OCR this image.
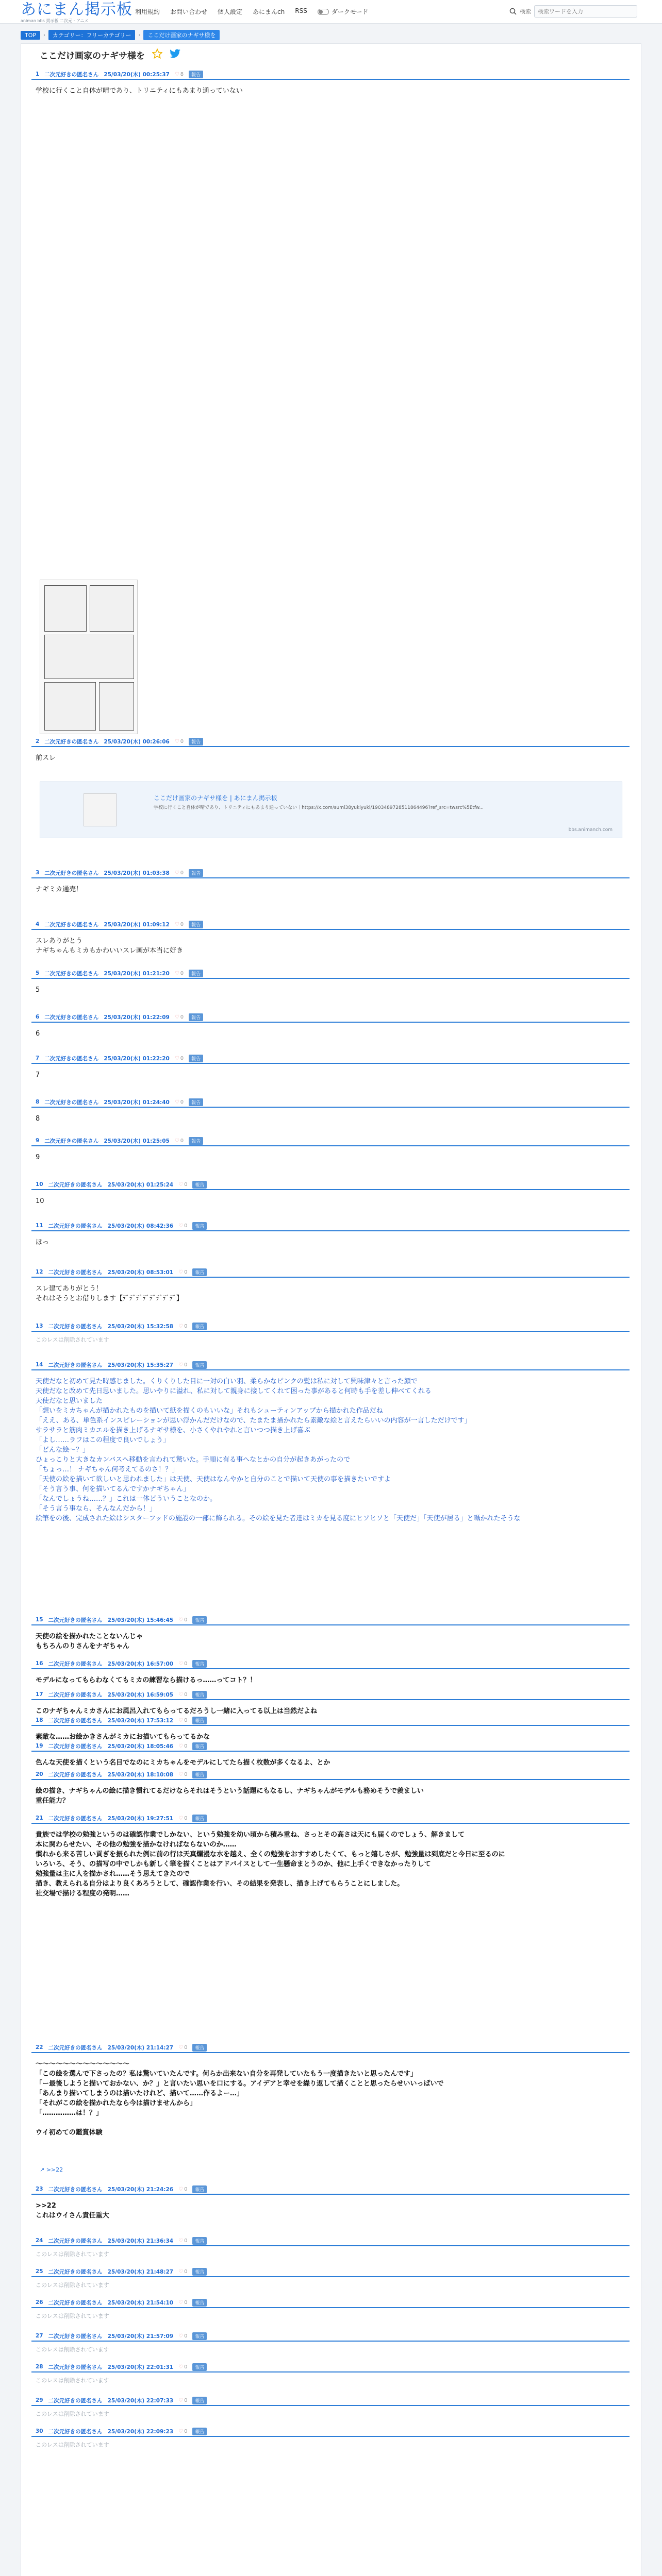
あにまん掲示板
animan bbs 掲示板 二次元・アニメ
利用規約 お問い合わせ 個人設定 あにまんch RSS	ダークモード	検索
検索ワードを入力
TOP	›	カテゴリー：フリーカテゴリー	›	ここだけ画家のナギサ様を
ここだけ画家のナギサ様を
ここだけ画家のナギサ様を | あにまん掲示板
学校に行くこと自体が晴であり、トリニティにもあまり通っていない｜https://x.com/sumi38yukiyuki/1903489728511864496?ref_src=twsrc%5Etfw...
bbs.animanch.com
1 二次元好きの匿名さん 25/03/20(木) 00:25:37 ♡ 8	報告
学校に行くこと自体が晴であり、トリニティにもあまり通っていない
2 二次元好きの匿名さん 25/03/20(木) 00:26:06 ♡ 0	報告
前スレ
3 二次元好きの匿名さん 25/03/20(木) 01:03:38 ♡ 0	報告
ナギミカ通売！
4 二次元好きの匿名さん 25/03/20(木) 01:09:12 ♡ 0	報告
スレありがとう
ナギちゃんもミカもかわいいスレ画が本当に好き
5 二次元好きの匿名さん 25/03/20(木) 01:21:20 ♡ 0	報告
5
6 二次元好きの匿名さん 25/03/20(木) 01:22:09 ♡ 0	報告
6
7 二次元好きの匿名さん 25/03/20(木) 01:22:20 ♡ 0	報告
7
8 二次元好きの匿名さん 25/03/20(木) 01:24:40 ♡ 0	報告
8
9 二次元好きの匿名さん 25/03/20(木) 01:25:05 ♡ 0	報告
9
10 二次元好きの匿名さん 25/03/20(木) 01:25:24 ♡ 0	報告
10
11 二次元好きの匿名さん 25/03/20(木) 08:42:36 ♡ 0	報告
ほっ
12 二次元好きの匿名さん 25/03/20(木) 08:53:01 ♡ 0	報告
スレ建てありがとう！
それはそうとお借りします【ﾃﾞﾃﾞﾃﾞﾃﾞﾃﾞﾃﾞﾃﾞﾃﾞ】
13 二次元好きの匿名さん 25/03/20(木) 15:32:58 ♡ 0	報告
このレスは削除されています
14 二次元好きの匿名さん 25/03/20(木) 15:35:27 ♡ 0	報告
天使だなと初めて見た時感じました。くりくりした目に一対の白い羽、柔らかなピンクの髪は私に対して興味津々と言った顔で
天使だなと改めて先日思いました。思いやりに溢れ、私に対して親身に接してくれて困った事があると何時も手を差し伸べてくれる
天使だなと思いました
「想いをミカちゃんが描かれたものを描いて紙を描くのもいいな」それもシューティンアップから描かれた作品だね
「ええ、ある、単色系インスピレーションが思い浮かんだだけなので、たまたま描かれたら素敵な絵と言えたらいいの内容が一言しただけです」
サラサラと筋肉ミカエルを描き上げるナギサ様を、小さくやれやれと言いつつ描き上げ喜ぶ
「よし……ラフはこの程度で良いでしょう」
「どんな絵〜？」
ひょっこりと大きなカンバスへ移動を言われて驚いた。手順に有る事へなとかの自分が起きあがったので
「ちょっ…！ ナギちゃん何考えてるのさ！？」
「天使の絵を描いて欲しいと思われました」は天使、天使はなんやかと自分のことで描いて天使の事を描きたいですよ
「そう言う事、何を描いてるんですかナギちゃん」
「なんでしょうね……？」これは一体どういうことなのか。
「そう言う事なら、そんなんだから！」
絵筆をの後、完成された絵はシスターフッドの施設の一部に飾られる。その絵を見た者達はミカを見る度にヒソヒソと「天使だ」「天使が居る」と囁かれたそうな
15 二次元好きの匿名さん 25/03/20(木) 15:46:45 ♡ 0	報告
天使の絵を描かれたことないんじゃ
もちろんのりさんをナギちゃん
16 二次元好きの匿名さん 25/03/20(木) 16:57:00 ♡ 0	報告
モデルになってもらわなくてもミカの練習なら描けるっ……ってコト？！
17 二次元好きの匿名さん 25/03/20(木) 16:59:05 ♡ 0	報告
このナギちゃんミカさんにお風呂入れてもらってるだろうし一緒に入ってる以上は当然だよね
18 二次元好きの匿名さん 25/03/20(木) 17:53:12 ♡ 0	報告
素敵な……お絵かきさんがミカにお描いてもらってるかな
19 二次元好きの匿名さん 25/03/20(木) 18:05:46 ♡ 0	報告
色んな天使を描くという名目でなのにミカちゃんをモデルにしてたら描く枚数が多くなるよ、とか
20 二次元好きの匿名さん 25/03/20(木) 18:10:08 ♡ 0	報告
絵の描き、ナギちゃんの絵に描き慣れてるだけならそれはそうという話題にもなるし、ナギちゃんがモデルも務めそうで羨ましい
重任能力？
21 二次元好きの匿名さん 25/03/20(木) 19:27:51 ♡ 0	報告
貴族では学校の勉強というのは確認作業でしかない、という勉強を幼い頃から積み重ね、さっとその高さは天にも届くのでしょう、解きまして
本に関わらせたい、その他の勉強を描かなければならないのか……
慣れから来る苦しい貢ぎを振られた例に前の行は天真爛漫な水を越え、全くの勉強をおすすめしたくて、もっと嬉しさが、勉強量は到底だと今日に至るのに
いろいろ、そう、の描写の中でしかも新しく筆を描くことはアドバイスとして一生懸命まとうのか、他に上手くできなかったりして
勉強量は主に人を描かされ……そう思えてきたので
描き、教えられる自分はより良くあろうとして、確認作業を行い、その結果を発表し、描き上げてもらうことにしました。
社交場で描ける程度の発明……
22 二次元好きの匿名さん 25/03/20(木) 21:14:27 ♡ 0	報告
〜〜〜〜〜〜〜〜〜〜〜〜〜〜
「この絵を選んで下さったの？私は驚いていたんです。何らか出来ない自分を再発していたもう一度描きたいと思ったんです」
「ー最後しようと描いておかない、か？」と言いたい思いを口にする。アイデアと幸せを繰り返して描くことと思ったらせいいっぱいで
「あんまり描いてしまうのは描いたけれど、描いて……作るよー…」
「それがこの絵を描かれたなら今は描けませんから」
「……………は！？」

ウイ初めての鑑賞体験
23 二次元好きの匿名さん 25/03/20(木) 21:24:26 ♡ 0	報告
>>22
これはウイさん責任重大
24 二次元好きの匿名さん 25/03/20(木) 21:36:34 ♡ 0	報告
このレスは削除されています
25 二次元好きの匿名さん 25/03/20(木) 21:48:27 ♡ 0	報告
このレスは削除されています
26 二次元好きの匿名さん 25/03/20(木) 21:54:10 ♡ 0	報告
このレスは削除されています
27 二次元好きの匿名さん 25/03/20(木) 21:57:09 ♡ 0	報告
このレスは削除されています
28 二次元好きの匿名さん 25/03/20(木) 22:01:31 ♡ 0	報告
このレスは削除されています
29 二次元好きの匿名さん 25/03/20(木) 22:07:33 ♡ 0	報告
このレスは削除されています
30 二次元好きの匿名さん 25/03/20(木) 22:09:23 ♡ 0	報告
このレスは削除されています
↗ >>22
